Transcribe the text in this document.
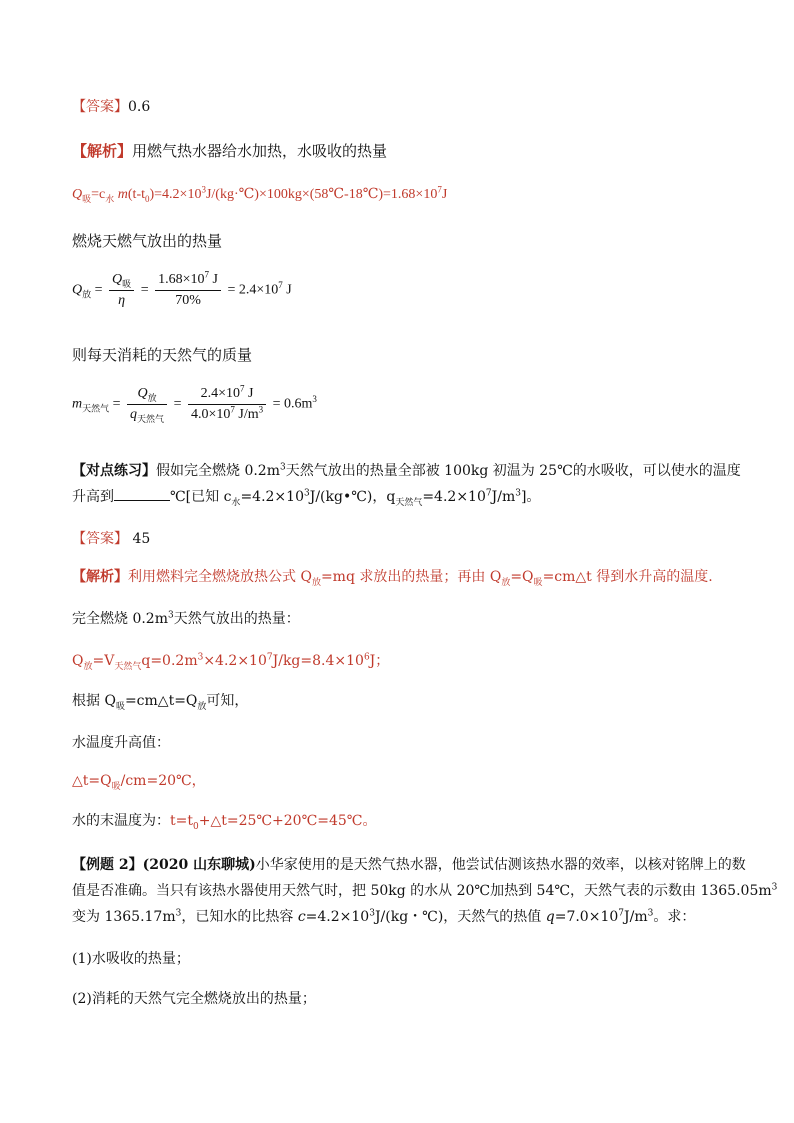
【答案】0.6
【解析】用燃气热水器给水加热，水吸收的热量
$Q_吸=c_水$ $m(t-t_0)=4.2\times 10^3J/(kg\cdot℃)\times 100kg\times(58℃-18℃)=1.68\times 10^7J$
燃烧天燃气放出的热量
$Q_放 = \frac{Q_吸}{\eta} = \frac{1.68\times 10^7 J}{70\%} = 2.4\times 10^7$ J
则每天消耗的天然气的质量
$m_{天然气} = \frac{Q_放}{q_{天然气}} = \frac{2.4\times 10^7 J}{4.0\times 10^7 J/m^3} = 0.6m^3$
【对点练习】假如完全燃烧 $0.2m^3$天然气放出的热量全部被 100kg 初温为 25℃的水吸收，可以使水的温度
升高到	℃[已知 $c_水=4.2\times 10^3J/(kg•℃)$，$q_{天然气}=4.2\times 10^7J/m^3$]。
【答案】 45
【解析】利用燃料完全燃烧放热公式 $Q_放=mq$ 求放出的热量；再由 $Q_放=Q_吸=cm\triangle t$ 得到水升高的温度.
完全燃烧 $0.2m^3$天然气放出的热量：
$Q_放=V_{天然气}q=0.2m^3\times 4.2\times 10^7J/kg=8.4\times 10^6J$；
根据 $Q_吸=cm\triangle t=Q_放$可知，
水温度升高值：
$\triangle t=Q_吸/cm=20℃$，
水的末温度为：$t=t_0+\triangle t=25℃+20℃=45℃$。
【例题 2】(2020 山东聊城)小华家使用的是天然气热水器，他尝试估测该热水器的效率，以核对铭牌上的数
值是否准确。当只有该热水器使用天然气时，把 50kg 的水从 20℃加热到 54℃，天然气表的示数由 $1365.05m^3$
变为 $1365.17m^3$，已知水的比热容 $c=4.2\times 10^3J/(kg$・℃)，天然气的热值 $q=7.0\times 10^7J/m^3$。求：
(1)水吸收的热量；
(2)消耗的天然气完全燃烧放出的热量；
